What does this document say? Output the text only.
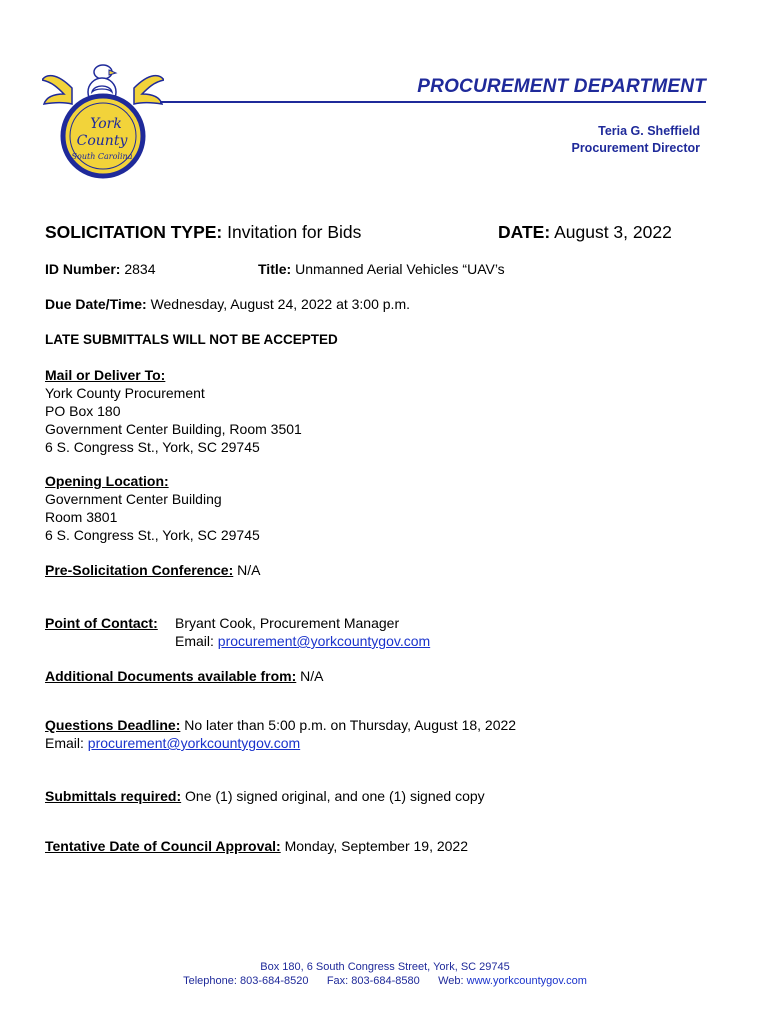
York
County
South Carolina
PROCUREMENT DEPARTMENT
Teria G. Sheffield
Procurement Director
SOLICITATION TYPE: Invitation for Bids	DATE: August 3, 2022
ID Number: 2834	Title: Unmanned Aerial Vehicles “UAV’s
Due Date/Time: Wednesday, August 24, 2022 at 3:00 p.m.
LATE SUBMITTALS WILL NOT BE ACCEPTED
Mail or Deliver To:
York County Procurement
PO Box 180
Government Center Building, Room 3501
6 S. Congress St., York, SC 29745
Opening Location:
Government Center Building
Room 3801
6 S. Congress St., York, SC 29745
Pre-Solicitation Conference: N/A
Point of Contact: Bryant Cook, Procurement Manager
Email: procurement@yorkcountygov.com
Additional Documents available from: N/A
Questions Deadline: No later than 5:00 p.m. on Thursday, August 18, 2022
Email: procurement@yorkcountygov.com
Submittals required: One (1) signed original, and one (1) signed copy
Tentative Date of Council Approval: Monday, September 19, 2022
Box 180, 6 South Congress Street, York, SC 29745
Telephone: 803-684-8520 Fax: 803-684-8580 Web: www.yorkcountygov.com
